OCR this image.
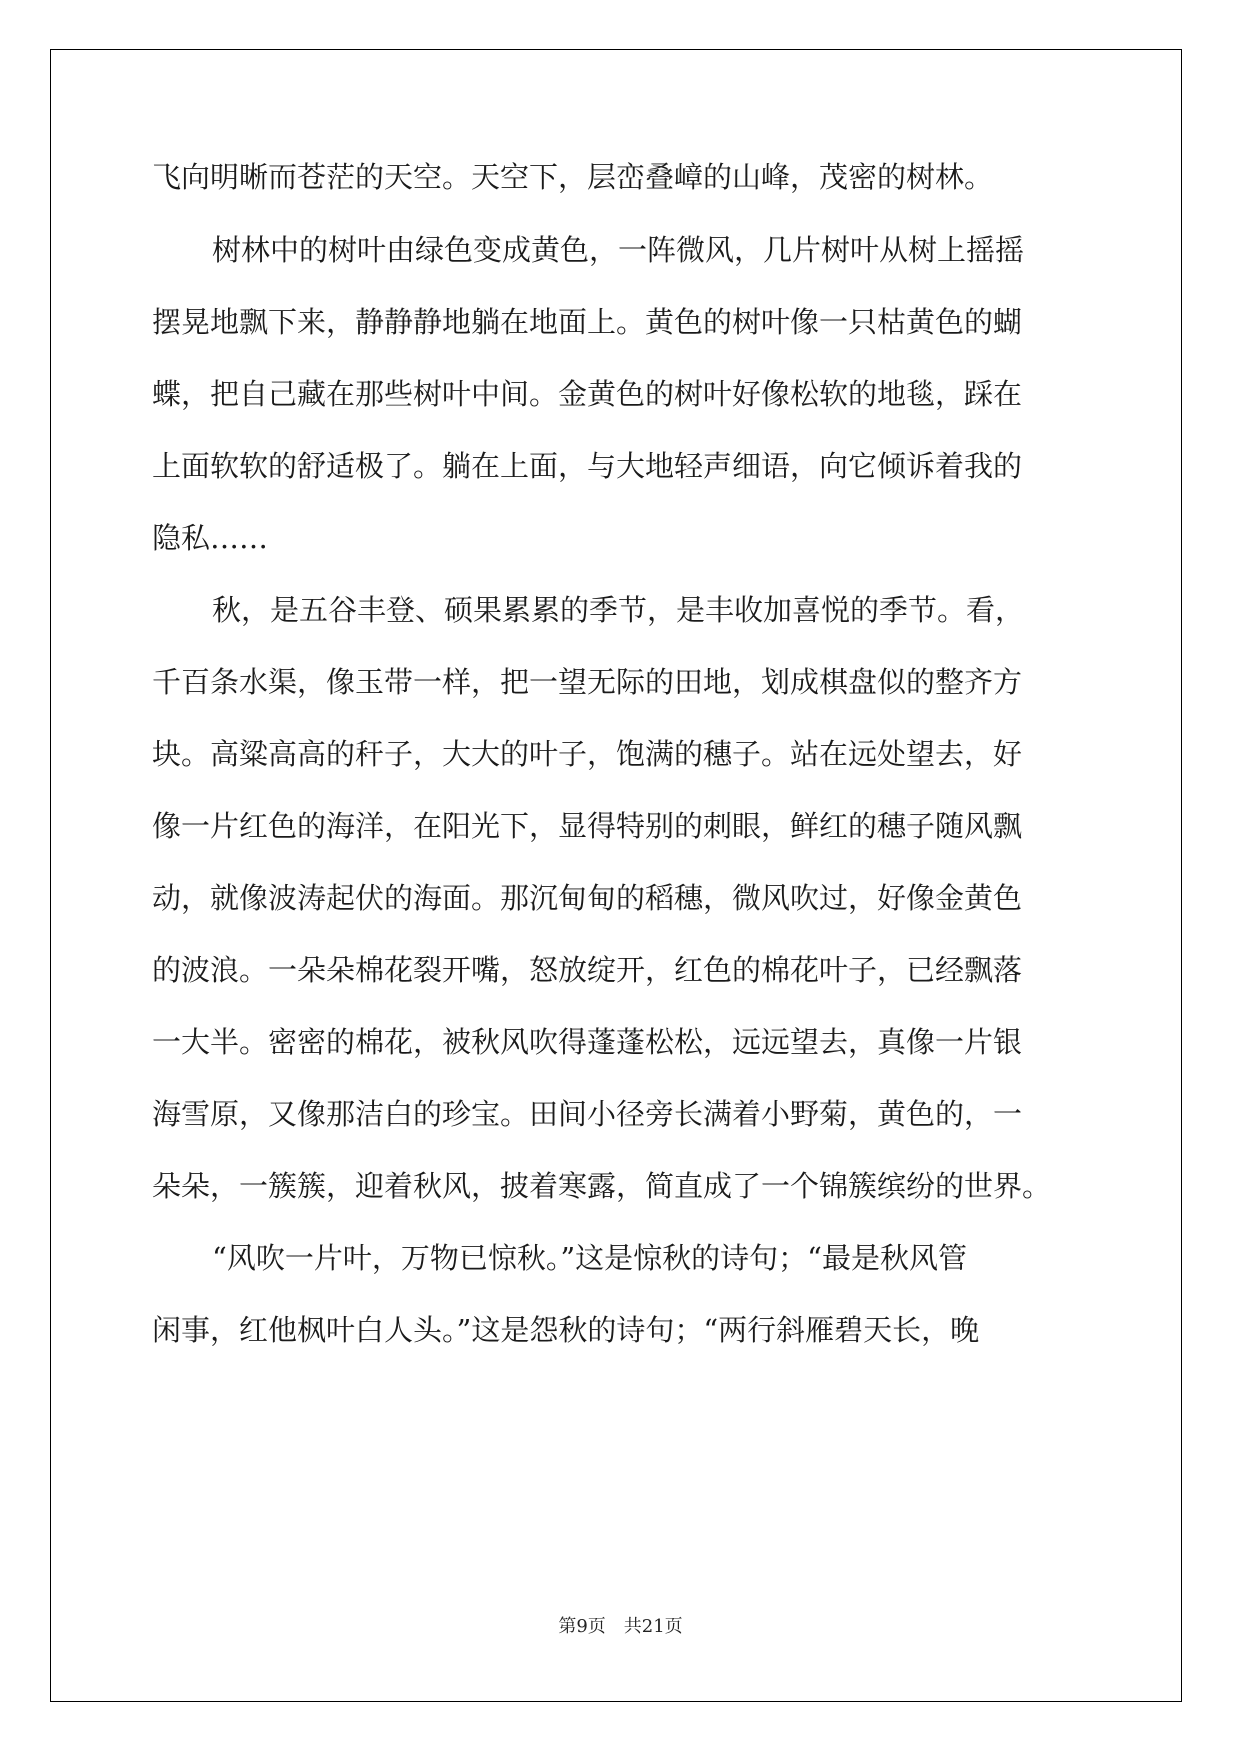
飞向明晰而苍茫的天空。天空下，层峦叠嶂的山峰，茂密的树林。
树林中的树叶由绿色变成黄色，一阵微风，几片树叶从树上摇摇
摆晃地飘下来，静静静地躺在地面上。黄色的树叶像一只枯黄色的蝴
蝶，把自己藏在那些树叶中间。金黄色的树叶好像松软的地毯，踩在
上面软软的舒适极了。躺在上面，与大地轻声细语，向它倾诉着我的
隐私……
秋，是五谷丰登、硕果累累的季节，是丰收加喜悦的季节。看，
千百条水渠，像玉带一样，把一望无际的田地，划成棋盘似的整齐方
块。高粱高高的秆子，大大的叶子，饱满的穗子。站在远处望去，好
像一片红色的海洋，在阳光下，显得特别的刺眼，鲜红的穗子随风飘
动，就像波涛起伏的海面。那沉甸甸的稻穗，微风吹过，好像金黄色
的波浪。一朵朵棉花裂开嘴，怒放绽开，红色的棉花叶子，已经飘落
一大半。密密的棉花，被秋风吹得蓬蓬松松，远远望去，真像一片银
海雪原，又像那洁白的珍宝。田间小径旁长满着小野菊，黄色的，一
朵朵，一簇簇，迎着秋风，披着寒露，简直成了一个锦簇缤纷的世界。
“风吹一片叶，万物已惊秋。”这是惊秋的诗句；“最是秋风管
闲事，红他枫叶白人头。”这是怨秋的诗句；“两行斜雁碧天长，晚
第9页 共21页
